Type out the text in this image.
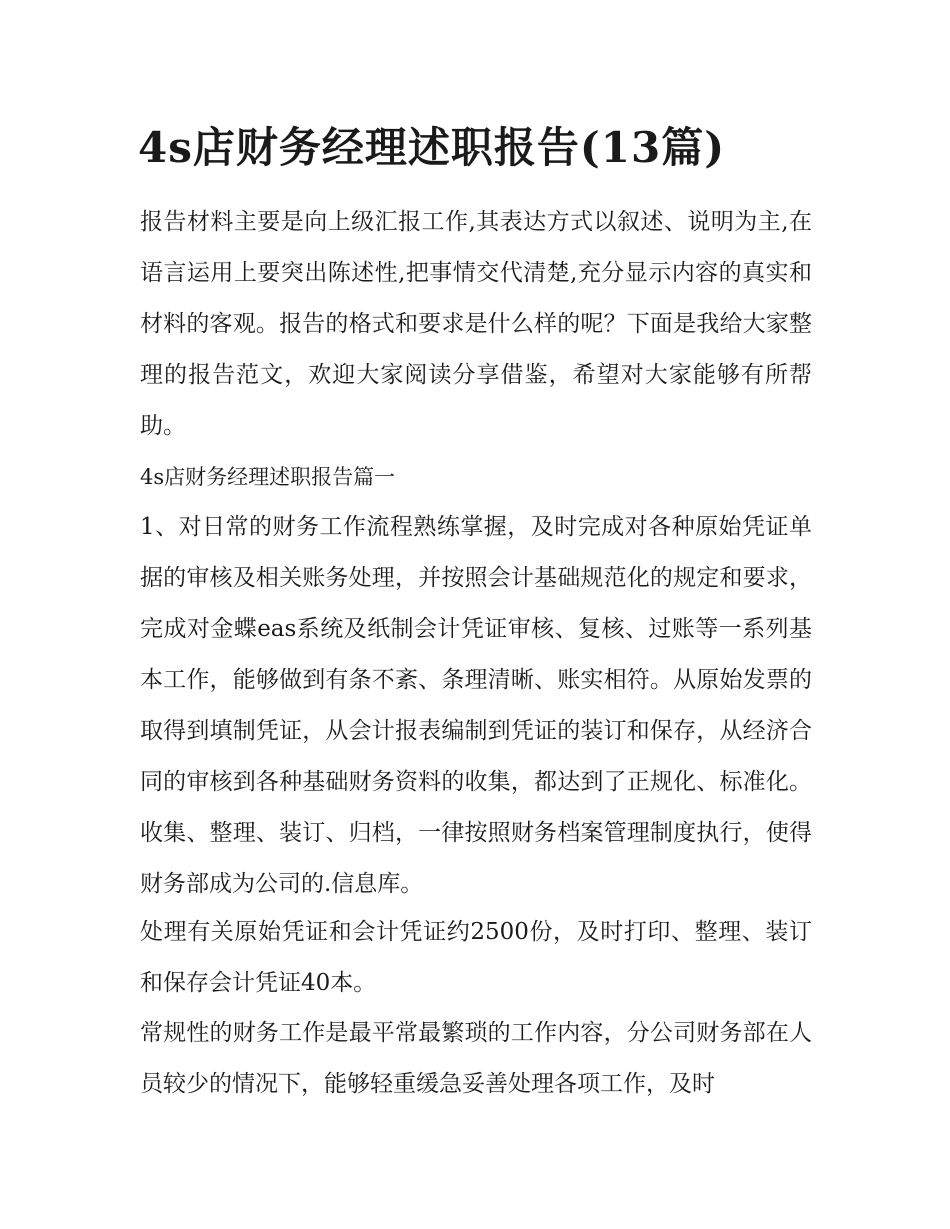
4s店财务经理述职报告(13篇)

报告材料主要是向上级汇报工作,其表达方式以叙述、说明为主,在语言运用上要突出陈述性,把事情交代清楚,充分显示内容的真实和材料的客观。报告的格式和要求是什么样的呢？下面是我给大家整理的报告范文，欢迎大家阅读分享借鉴，希望对大家能够有所帮助。

4s店财务经理述职报告篇一

1、对日常的财务工作流程熟练掌握，及时完成对各种原始凭证单据的审核及相关账务处理，并按照会计基础规范化的规定和要求，完成对金蝶eas系统及纸制会计凭证审核、复核、过账等一系列基本工作，能够做到有条不紊、条理清晰、账实相符。从原始发票的取得到填制凭证，从会计报表编制到凭证的装订和保存，从经济合同的审核到各种基础财务资料的收集，都达到了正规化、标准化。收集、整理、装订、归档，一律按照财务档案管理制度执行，使得财务部成为公司的.信息库。

处理有关原始凭证和会计凭证约2500份，及时打印、整理、装订和保存会计凭证40本。

常规性的财务工作是最平常最繁琐的工作内容，分公司财务部在人员较少的情况下，能够轻重缓急妥善处理各项工作，及时
